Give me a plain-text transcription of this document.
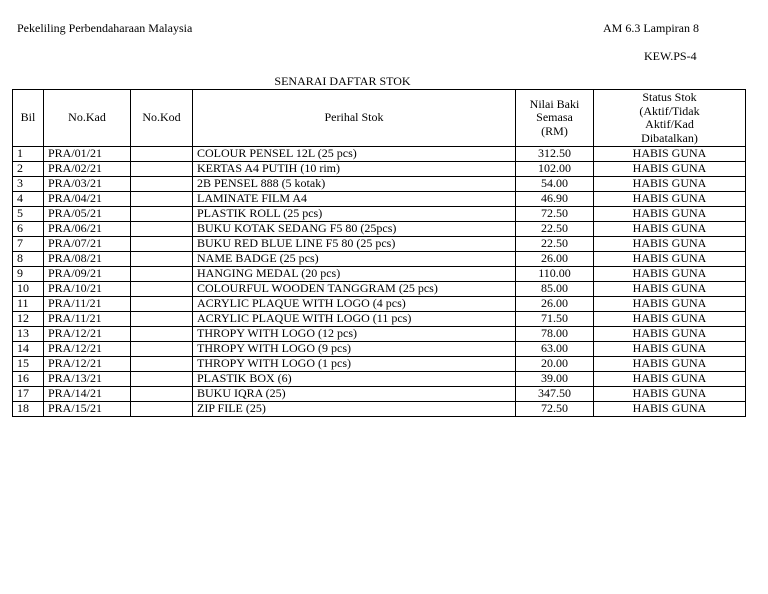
Pekeliling Perbendaharaan Malaysia	AM 6.3 Lampiran 8
KEW.PS-4
SENARAI DAFTAR STOK
Bil	No.Kad	No.Kod	Perihal Stok	Nilai Baki Semasa (RM)	Status Stok (Aktif/Tidak Aktif/Kad Dibatalkan)

1	PRA/01/21		COLOUR PENSEL 12L (25 pcs)	312.50	HABIS GUNA
2	PRA/02/21		KERTAS A4 PUTIH (10 rim)	102.00	HABIS GUNA
3	PRA/03/21		2B PENSEL 888 (5 kotak)	54.00	HABIS GUNA
4	PRA/04/21		LAMINATE FILM A4	46.90	HABIS GUNA
5	PRA/05/21		PLASTIK ROLL (25 pcs)	72.50	HABIS GUNA
6	PRA/06/21		BUKU KOTAK SEDANG F5 80 (25pcs)	22.50	HABIS GUNA
7	PRA/07/21		BUKU RED BLUE LINE F5 80 (25 pcs)	22.50	HABIS GUNA
8	PRA/08/21		NAME BADGE (25 pcs)	26.00	HABIS GUNA
9	PRA/09/21		HANGING MEDAL (20 pcs)	110.00	HABIS GUNA
10	PRA/10/21		COLOURFUL WOODEN TANGGRAM (25 pcs)	85.00	HABIS GUNA
11	PRA/11/21		ACRYLIC PLAQUE WITH LOGO (4 pcs)	26.00	HABIS GUNA
12	PRA/11/21		ACRYLIC PLAQUE WITH LOGO (11 pcs)	71.50	HABIS GUNA
13	PRA/12/21		THROPY WITH LOGO (12 pcs)	78.00	HABIS GUNA
14	PRA/12/21		THROPY WITH LOGO (9 pcs)	63.00	HABIS GUNA
15	PRA/12/21		THROPY WITH LOGO (1 pcs)	20.00	HABIS GUNA
16	PRA/13/21		PLASTIK BOX (6)	39.00	HABIS GUNA
17	PRA/14/21		BUKU IQRA (25)	347.50	HABIS GUNA
18	PRA/15/21		ZIP FILE (25)	72.50	HABIS GUNA
